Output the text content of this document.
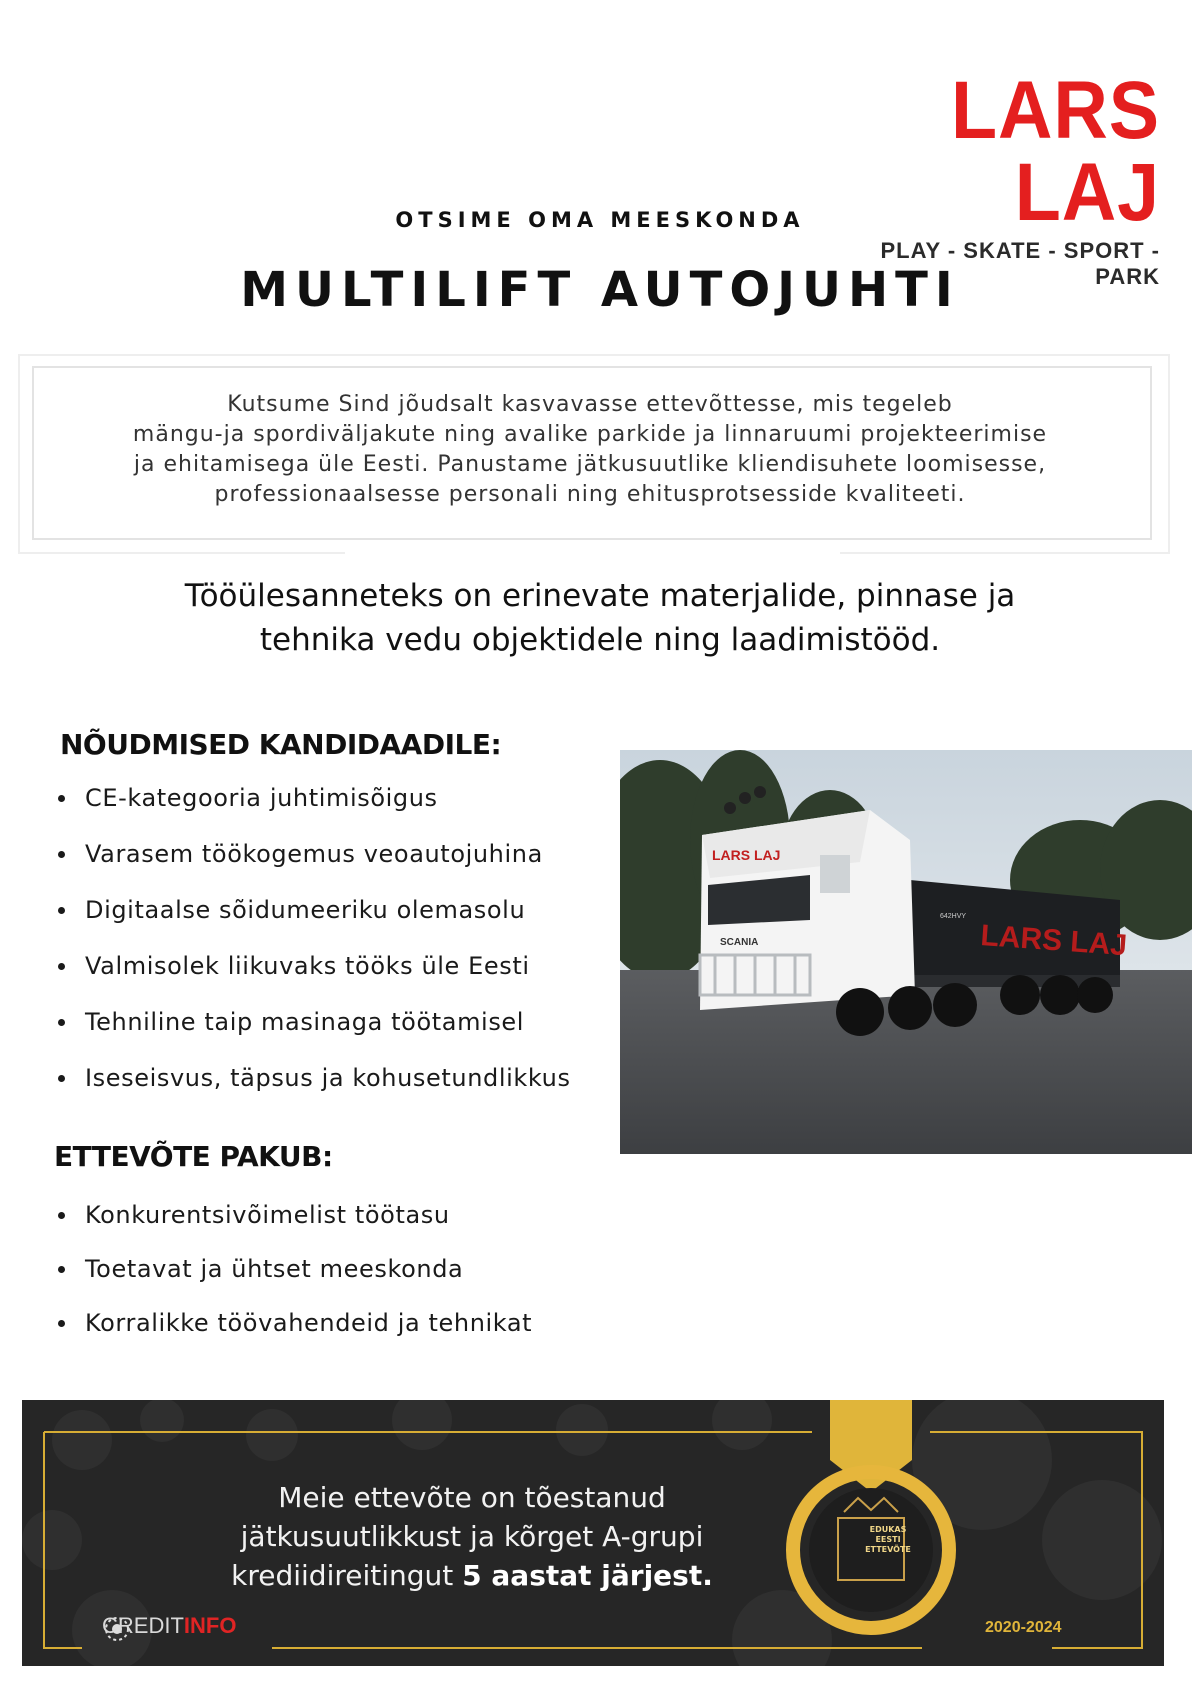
LARS LAJ
PLAY - SKATE - SPORT - PARK
OTSIME OMA MEESKONDA
MULTILIFT AUTOJUHTI
Kutsume Sind jõudsalt kasvavasse ettevõttesse, mis tegeleb
mängu-ja spordiväljakute ning avalike parkide ja linnaruumi projekteerimise
ja ehitamisega üle Eesti. Panustame jätkusuutlike kliendisuhete loomisesse,
professionaalsesse personali ning ehitusprotsesside kvaliteeti.
Tööülesanneteks on erinevate materjalide, pinnase ja
tehnika vedu objektidele ning laadimistööd.
NÕUDMISED KANDIDAADILE:
CE-kategooria juhtimisõigus
Varasem töökogemus veoautojuhina
Digitaalse sõidumeeriku olemasolu
Valmisolek liikuvaks tööks üle Eesti
Tehniline taip masinaga töötamisel
Iseseisvus, täpsus ja kohusetundlikkus
LARS LAJ
642HVY
LARS LAJ
SCANIA
ETTEVÕTE PAKUB:
Konkurentsivõimelist töötasu
Toetavat ja ühtset meeskonda
Korralikke töövahendeid ja tehnikat
Meie ettevõte on tõestanud
jätkusuutlikkust ja kõrget A-grupi
krediidireitingut 5 aastat järjest.
EDUKAS
EESTI
ETTEVÕTE
CREDITINFO	2020-2024
